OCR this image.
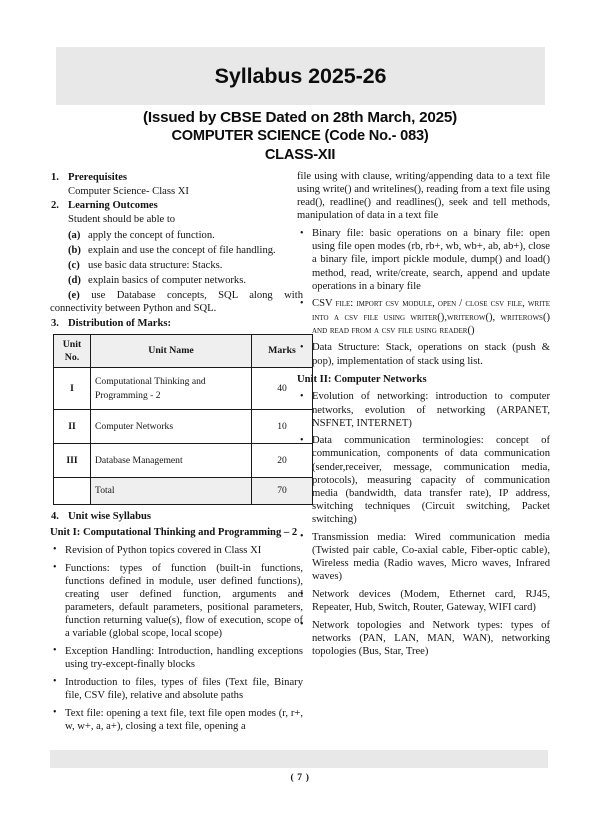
Syllabus 2025-26
(Issued by CBSE Dated on 28th March, 2025)
COMPUTER SCIENCE (Code No.- 083)
CLASS-XII
1. Prerequisites
Computer Science- Class XI
2. Learning Outcomes
Student should be able to
(a) apply the concept of function.
(b) explain and use the concept of file handling.
(c) use basic data structure: Stacks.
(d) explain basics of computer networks.
(e) use Database concepts, SQL along with connectivity between Python and SQL.
3. Distribution of Marks:
Unit
No.	Unit Name	Marks
I	Computational Thinking and Programming - 2	40
II	Computer Networks	10
III	Database Management	20
	Total	70
4. Unit wise Syllabus
Unit I: Computational Thinking and Programming – 2
• Revision of Python topics covered in Class XI
• Functions: types of function (built-in functions, functions defined in module, user defined functions), creating user defined function, arguments and parameters, default parameters, positional parameters, function returning value(s), flow of execution, scope of a variable (global scope, local scope)
• Exception Handling: Introduction, handling exceptions using try-except-finally blocks
• Introduction to files, types of files (Text file, Binary file, CSV file), relative and absolute paths
• Text file: opening a text file, text file open modes (r, r+, w, w+, a, a+), closing a text file, opening a
file using with clause, writing/appending data to a text file using write() and writelines(), reading from a text file using read(), readline() and readlines(), seek and tell methods, manipulation of data in a text file
• Binary file: basic operations on a binary file: open using file open modes (rb, rb+, wb, wb+, ab, ab+), close a binary file, import pickle module, dump() and load() method, read, write/create, search, append and update operations in a binary file
• CSV file: import csv module, open / close csv file, write into a csv file using writer(),writerow(), writerows() and read from a csv file using reader()
• Data Structure: Stack, operations on stack (push & pop), implementation of stack using list.
Unit II: Computer Networks
• Evolution of networking: introduction to computer networks, evolution of networking (ARPANET, NSFNET, INTERNET)
• Data communication terminologies: concept of communication, components of data communication (sender,receiver, message, communication media, protocols), measuring capacity of communication media (bandwidth, data transfer rate), IP address, switching techniques (Circuit switching, Packet switching)
• Transmission media: Wired communication media (Twisted pair cable, Co-axial cable, Fiber-optic cable), Wireless media (Radio waves, Micro waves, Infrared waves)
• Network devices (Modem, Ethernet card, RJ45, Repeater, Hub, Switch, Router, Gateway, WIFI card)
• Network topologies and Network types: types of networks (PAN, LAN, MAN, WAN), networking topologies (Bus, Star, Tree)
( 7 )
